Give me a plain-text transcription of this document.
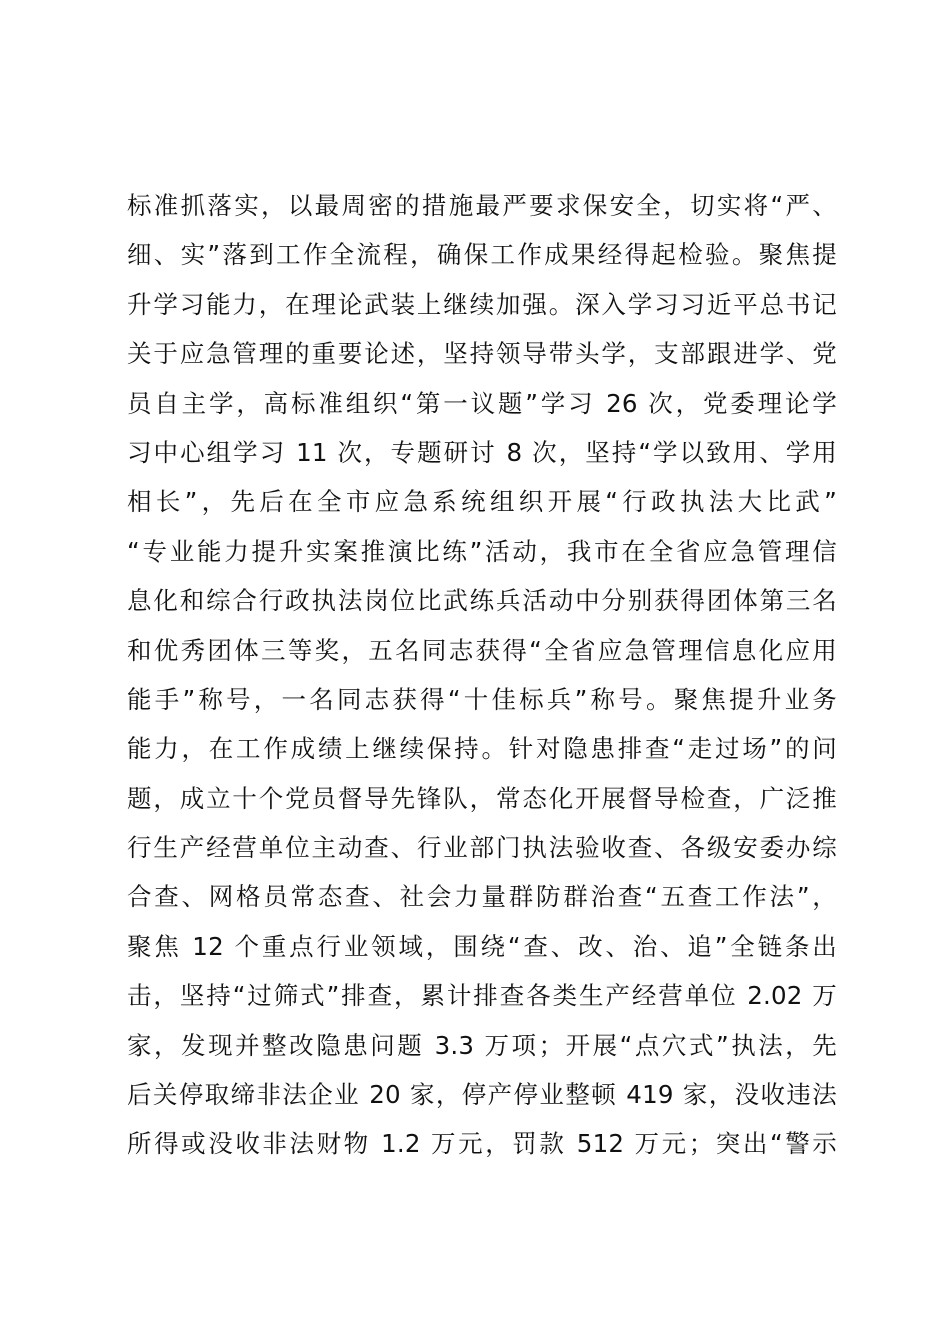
标准抓落实，以最周密的措施最严要求保安全，切实将“严、
细、实”落到工作全流程，确保工作成果经得起检验。聚焦提
升学习能力，在理论武装上继续加强。深入学习习近平总书记
关于应急管理的重要论述，坚持领导带头学，支部跟进学、党
员自主学，高标准组织“第一议题”学习 26 次，党委理论学
习中心组学习 11 次，专题研讨 8 次，坚持“学以致用、学用
相长”，先后在全市应急系统组织开展“行政执法大比武”
“专业能力提升实案推演比练”活动，我市在全省应急管理信
息化和综合行政执法岗位比武练兵活动中分别获得团体第三名
和优秀团体三等奖，五名同志获得“全省应急管理信息化应用
能手”称号，一名同志获得“十佳标兵”称号。聚焦提升业务
能力，在工作成绩上继续保持。针对隐患排查“走过场”的问
题，成立十个党员督导先锋队，常态化开展督导检查，广泛推
行生产经营单位主动查、行业部门执法验收查、各级安委办综
合查、网格员常态查、社会力量群防群治查“五查工作法”，
聚焦 12 个重点行业领域，围绕“查、改、治、追”全链条出
击，坚持“过筛式”排查，累计排查各类生产经营单位 2.02 万
家，发现并整改隐患问题 3.3 万项；开展“点穴式”执法，先
后关停取缔非法企业 20 家，停产停业整顿 419 家，没收违法
所得或没收非法财物 1.2 万元，罚款 512 万元；突出“警示
